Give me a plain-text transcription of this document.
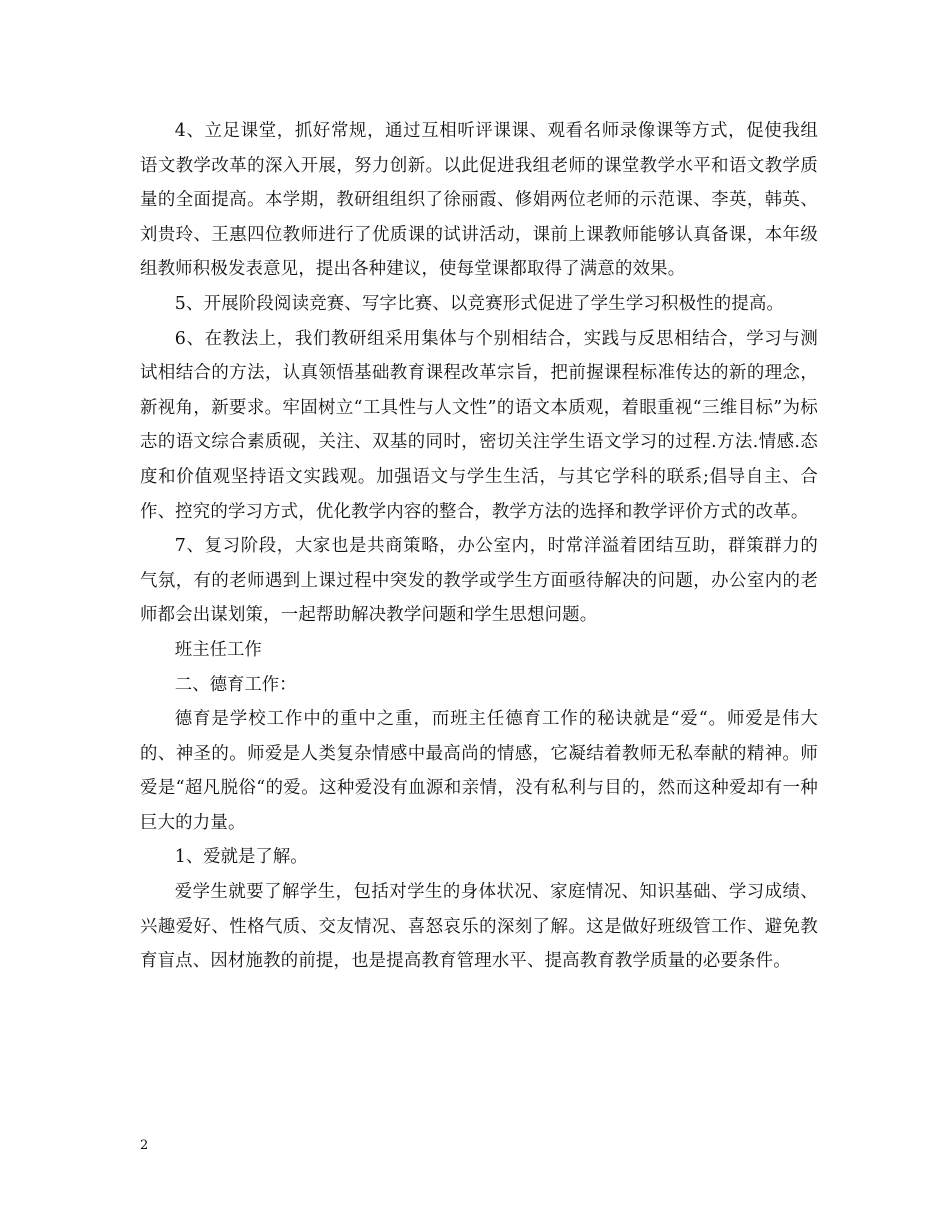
4、立足课堂，抓好常规，通过互相听评课课、观看名师录像课等方式，促使我组语文教学改革的深入开展，努力创新。以此促进我组老师的课堂教学水平和语文教学质量的全面提高。本学期，教研组组织了徐丽霞、修娟两位老师的示范课、李英，韩英、刘贵玲、王惠四位教师进行了优质课的试讲活动，课前上课教师能够认真备课，本年级组教师积极发表意见，提出各种建议，使每堂课都取得了满意的效果。

5、开展阶段阅读竞赛、写字比赛、以竞赛形式促进了学生学习积极性的提高。

6、在教法上，我们教研组采用集体与个别相结合，实践与反思相结合，学习与测试相结合的方法，认真领悟基础教育课程改革宗旨，把前握课程标准传达的新的理念，新视角，新要求。牢固树立“工具性与人文性”的语文本质观，着眼重视“三维目标”为标志的语文综合素质砚，关注、双基的同时，密切关注学生语文学习的过程.方法.情感.态度和价值观坚持语文实践观。加强语文与学生生活，与其它学科的联系;倡导自主、合作、控究的学习方式，优化教学内容的整合，教学方法的选择和教学评价方式的改革。

7、复习阶段，大家也是共商策略，办公室内，时常洋溢着团结互助，群策群力的气氛，有的老师遇到上课过程中突发的教学或学生方面亟待解决的问题，办公室内的老师都会出谋划策，一起帮助解决教学问题和学生思想问题。

班主任工作

二、德育工作：

德育是学校工作中的重中之重，而班主任德育工作的秘诀就是“爱“。师爱是伟大的、神圣的。师爱是人类复杂情感中最高尚的情感，它凝结着教师无私奉献的精神。师爱是“超凡脱俗“的爱。这种爱没有血源和亲情，没有私利与目的，然而这种爱却有一种巨大的力量。

1、爱就是了解。

爱学生就要了解学生，包括对学生的身体状况、家庭情况、知识基础、学习成绩、兴趣爱好、性格气质、交友情况、喜怒哀乐的深刻了解。这是做好班级管工作、避免教育盲点、因材施教的前提，也是提高教育管理水平、提高教育教学质量的必要条件。

2
